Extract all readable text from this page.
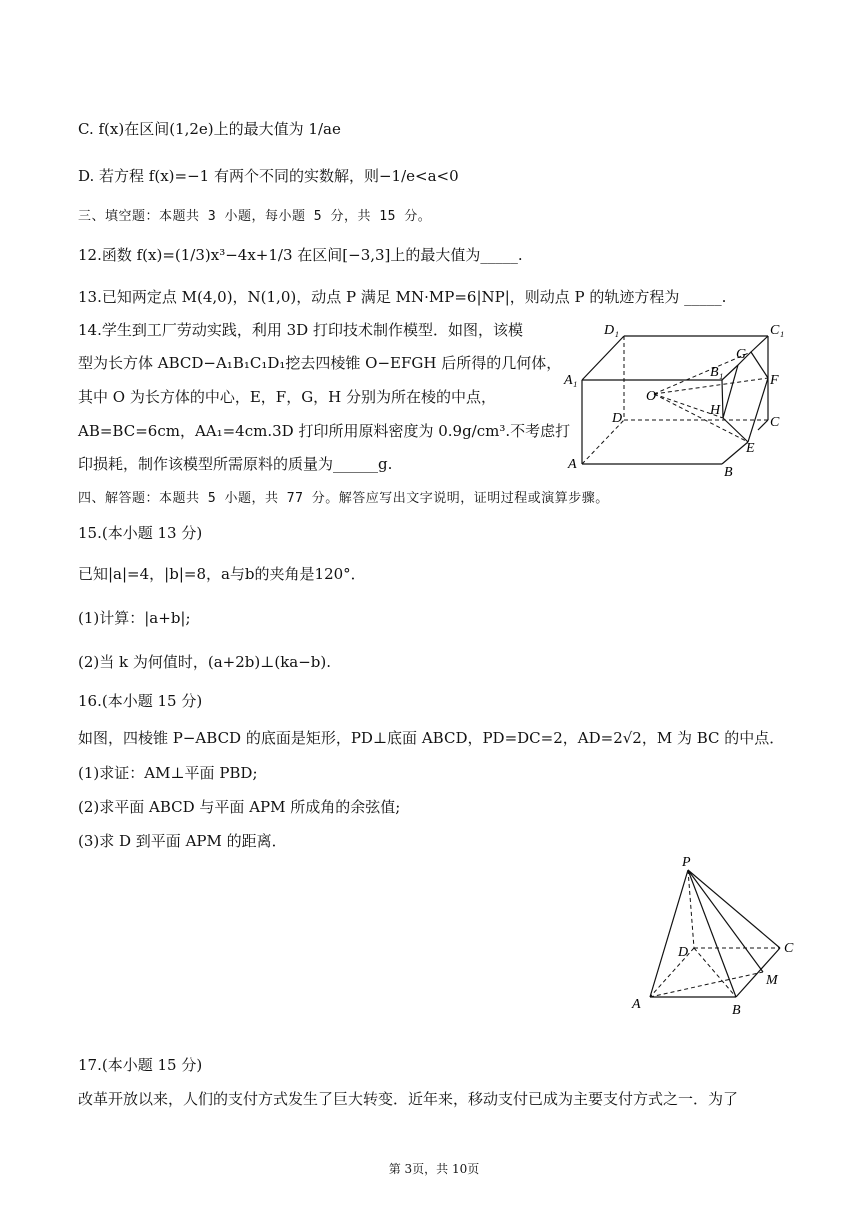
C. f(x)在区间(1,2e)上的最大值为 1/ae
D. 若方程 f(x)=−1 有两个不同的实数解，则−1/e<a<0
三、填空题：本题共 3 小题，每小题 5 分，共 15 分。
12.函数 f(x)=(1/3)x³−4x+1/3 在区间[−3,3]上的最大值为_____.
13.已知两定点 M(4,0)，N(1,0)，动点 P 满足 MN·MP=6|NP|，则动点 P 的轨迹方程为 _____.
14.学生到工厂劳动实践，利用 3D 打印技术制作模型．如图，该模
型为长方体 ABCD−A₁B₁C₁D₁挖去四棱锥 O−EFGH 后所得的几何体，
其中 O 为长方体的中心，E，F，G，H 分别为所在棱的中点，
AB=BC=6cm，AA₁=4cm.3D 打印所用原料密度为 0.9g/cm³.不考虑打
印损耗，制作该模型所需原料的质量为______g.
D₁	C₁
A₁
B₁
G
O
F
H
D	C
A
E
B
四、解答题：本题共 5 小题，共 77 分。解答应写出文字说明，证明过程或演算步骤。
15.(本小题 13 分)
已知|a|=4，|b|=8，a与b的夹角是120°．
(1)计算：|a+b|;
(2)当 k 为何值时，(a+2b)⊥(ka−b).
16.(本小题 15 分)
如图，四棱锥 P−ABCD 的底面是矩形，PD⊥底面 ABCD，PD=DC=2，AD=2√2，M 为 BC 的中点．
(1)求证：AM⊥平面 PBD;
(2)求平面 ABCD 与平面 APM 所成角的余弦值;
(3)求 D 到平面 APM 的距离．
P
D	C
M
A	B
17.(本小题 15 分)
改革开放以来，人们的支付方式发生了巨大转变．近年来，移动支付已成为主要支付方式之一．为了
第 3页，共 10页
